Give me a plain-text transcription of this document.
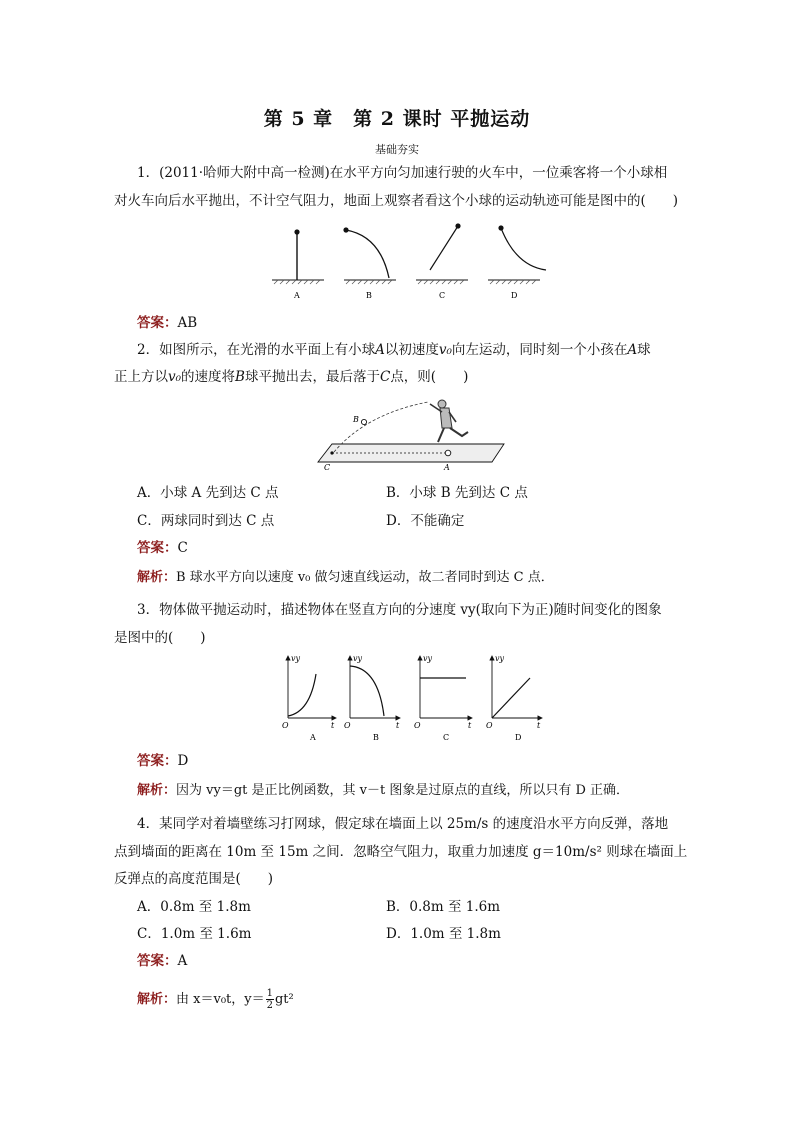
第 5 章　第 2 课时 平抛运动
基础夯实
1．(2011·哈师大附中高一检测)在水平方向匀加速行驶的火车中，一位乘客将一个小球相
对火车向后水平抛出，不计空气阻力，地面上观察者看这个小球的运动轨迹可能是图中的(　　)
A	B	C	D
答案：AB
2．如图所示，在光滑的水平面上有小球A以初速度v₀向左运动，同时刻一个小孩在A球
正上方以v₀的速度将B球平抛出去，最后落于C点，则(　　)
B
C	A
A．小球 A 先到达 C 点	B．小球 B 先到达 C 点
C．两球同时到达 C 点	D．不能确定
答案：C
解析：B 球水平方向以速度 v₀ 做匀速直线运动，故二者同时到达 C 点．
3．物体做平抛运动时，描述物体在竖直方向的分速度 vy(取向下为正)随时间变化的图象
是图中的(　　)
vy	vy	vy	vy
t	t	t	t
O	O	O	O
A	B	C	D
答案：D
解析：因为 vy＝gt 是正比例函数，其 v－t 图象是过原点的直线，所以只有 D 正确．
4．某同学对着墙壁练习打网球，假定球在墙面上以 25m/s 的速度沿水平方向反弹，落地
点到墙面的距离在 10m 至 15m 之间．忽略空气阻力，取重力加速度 g＝10m/s² 则球在墙面上
反弹点的高度范围是(　　)
A．0.8m 至 1.8m	B．0.8m 至 1.6m
C．1.0m 至 1.6m	D．1.0m 至 1.8m
答案：A
解析：由 x＝v₀t，$y= \frac{1}{2} gt^2$
